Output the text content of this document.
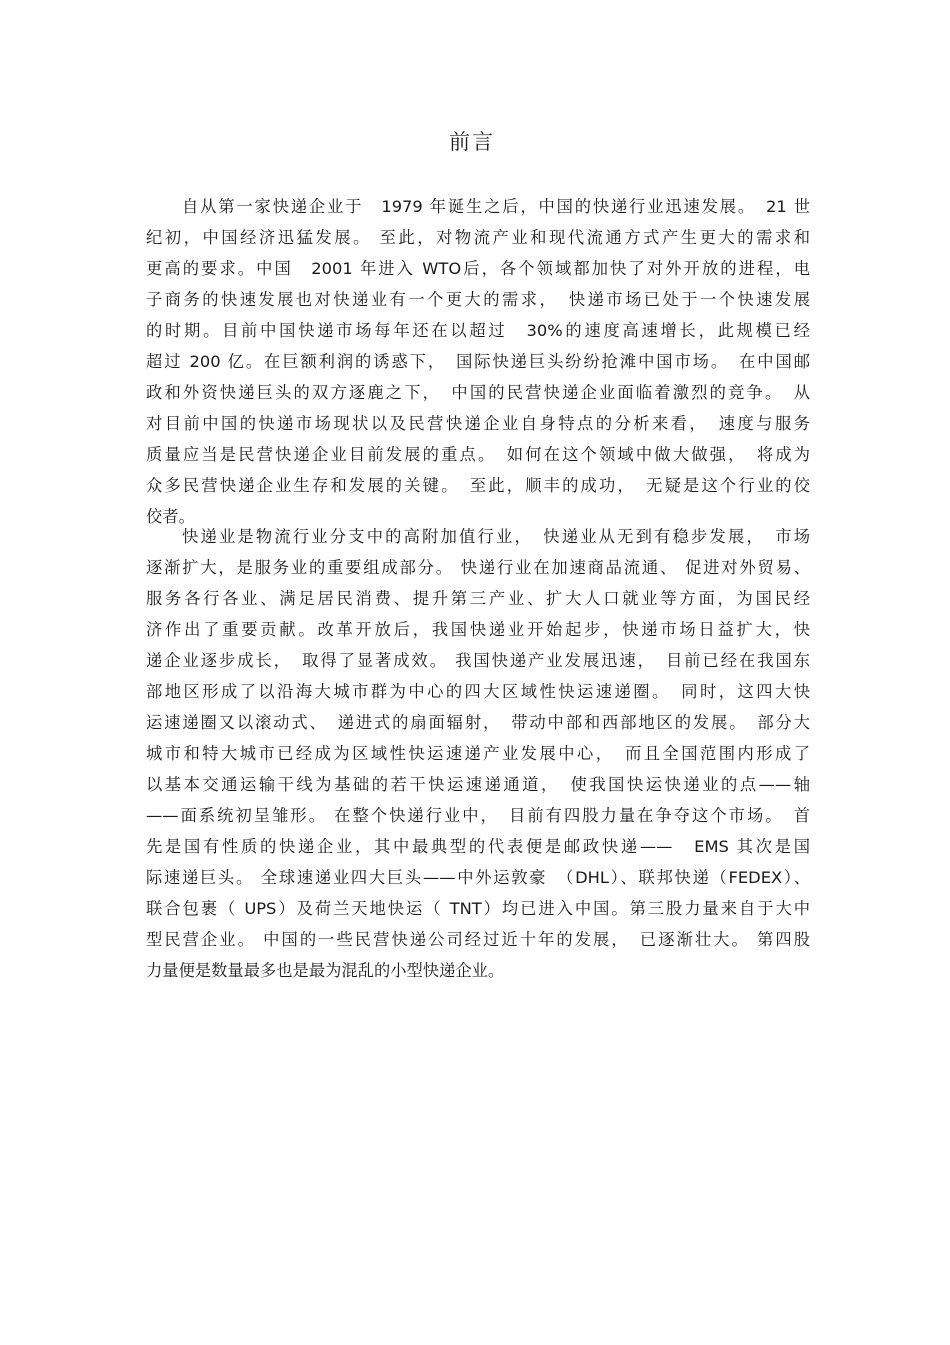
前言
自从第一家快递企业于　1979 年诞生之后，中国的快递行业迅速发展。　21 世
纪初，中国经济迅猛发展。 至此，对物流产业和现代流通方式产生更大的需求和
更高的要求。中国　2001 年进入 WTO后，各个领域都加快了对外开放的进程，电
子商务的快速发展也对快递业有一个更大的需求，　快递市场已处于一个快速发展
的时期。目前中国快递市场每年还在以超过　30%的速度高速增长，此规模已经
超过 200 亿。在巨额利润的诱惑下，　国际快递巨头纷纷抢滩中国市场。　在中国邮
政和外资快递巨头的双方逐鹿之下，　中国的民营快递企业面临着激烈的竞争。　从
对目前中国的快递市场现状以及民营快递企业自身特点的分析来看，　速度与服务
质量应当是民营快递企业目前发展的重点。　如何在这个领域中做大做强，　将成为
众多民营快递企业生存和发展的关键。　至此，顺丰的成功，　无疑是这个行业的佼
佼者。
快递业是物流行业分支中的高附加值行业，　快递业从无到有稳步发展，　市场
逐渐扩大，是服务业的重要组成部分。 快递行业在加速商品流通、 促进对外贸易、
服务各行各业、满足居民消费、提升第三产业、扩大人口就业等方面，为国民经
济作出了重要贡献。改革开放后，我国快递业开始起步，快递市场日益扩大，快
递企业逐步成长，　取得了显著成效。 我国快递产业发展迅速，　目前已经在我国东
部地区形成了以沿海大城市群为中心的四大区域性快运速递圈。　同时，这四大快
运速递圈又以滚动式、　递进式的扇面辐射，　带动中部和西部地区的发展。　部分大
城市和特大城市已经成为区域性快运速递产业发展中心，　而且全国范围内形成了
以基本交通运输干线为基础的若干快运速递通道，　使我国快运快递业的点——轴
——面系统初呈雏形。 在整个快递行业中，　目前有四股力量在争夺这个市场。　首
先是国有性质的快递企业，其中最典型的代表便是邮政快递——　EMS 其次是国
际速递巨头。 全球速递业四大巨头——中外运敦豪　（DHL）、联邦快递（FEDEX）、
联合包裹（ UPS）及荷兰天地快运（ TNT）均已进入中国。第三股力量来自于大中
型民营企业。 中国的一些民营快递公司经过近十年的发展，　已逐渐壮大。 第四股
力量便是数量最多也是最为混乱的小型快递企业。
